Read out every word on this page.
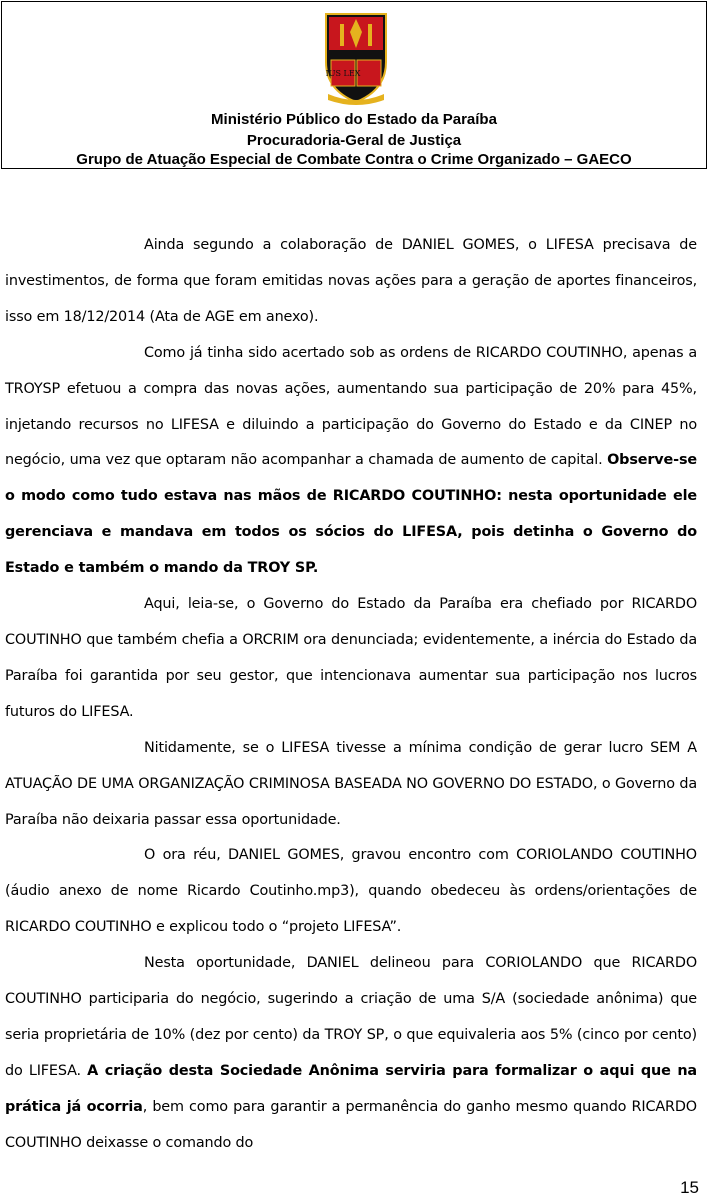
IUS LEX
Ministério Público do Estado da Paraíba
Procuradoria-Geral de Justiça
Grupo de Atuação Especial de Combate Contra o Crime Organizado – GAECO

Ainda segundo a colaboração de DANIEL GOMES, o LIFESA precisava de investimentos, de forma que foram emitidas novas ações para a geração de aportes financeiros, isso em 18/12/2014 (Ata de AGE em anexo).

Como já tinha sido acertado sob as ordens de RICARDO COUTINHO, apenas a TROYSP efetuou a compra das novas ações, aumentando sua participação de 20% para 45%, injetando recursos no LIFESA e diluindo a participação do Governo do Estado e da CINEP no negócio, uma vez que optaram não acompanhar a chamada de aumento de capital. Observe-se o modo como tudo estava nas mãos de RICARDO COUTINHO: nesta oportunidade ele gerenciava e mandava em todos os sócios do LIFESA, pois detinha o Governo do Estado e também o mando da TROY SP.

Aqui, leia-se, o Governo do Estado da Paraíba era chefiado por RICARDO COUTINHO que também chefia a ORCRIM ora denunciada; evidentemente, a inércia do Estado da Paraíba foi garantida por seu gestor, que intencionava aumentar sua participação nos lucros futuros do LIFESA.

Nitidamente, se o LIFESA tivesse a mínima condição de gerar lucro SEM A ATUAÇÃO DE UMA ORGANIZAÇÃO CRIMINOSA BASEADA NO GOVERNO DO ESTADO, o Governo da Paraíba não deixaria passar essa oportunidade.

O ora réu, DANIEL GOMES, gravou encontro com CORIOLANDO COUTINHO (áudio anexo de nome Ricardo Coutinho.mp3), quando obedeceu às ordens/orientações de RICARDO COUTINHO e explicou todo o “projeto LIFESA”.

Nesta oportunidade, DANIEL delineou para CORIOLANDO que RICARDO COUTINHO participaria do negócio, sugerindo a criação de uma S/A (sociedade anônima) que seria proprietária de 10% (dez por cento) da TROY SP, o que equivaleria aos 5% (cinco por cento) do LIFESA. A criação desta Sociedade Anônima serviria para formalizar o aqui que na prática já ocorria, bem como para garantir a permanência do ganho mesmo quando RICARDO COUTINHO deixasse o comando do

15
